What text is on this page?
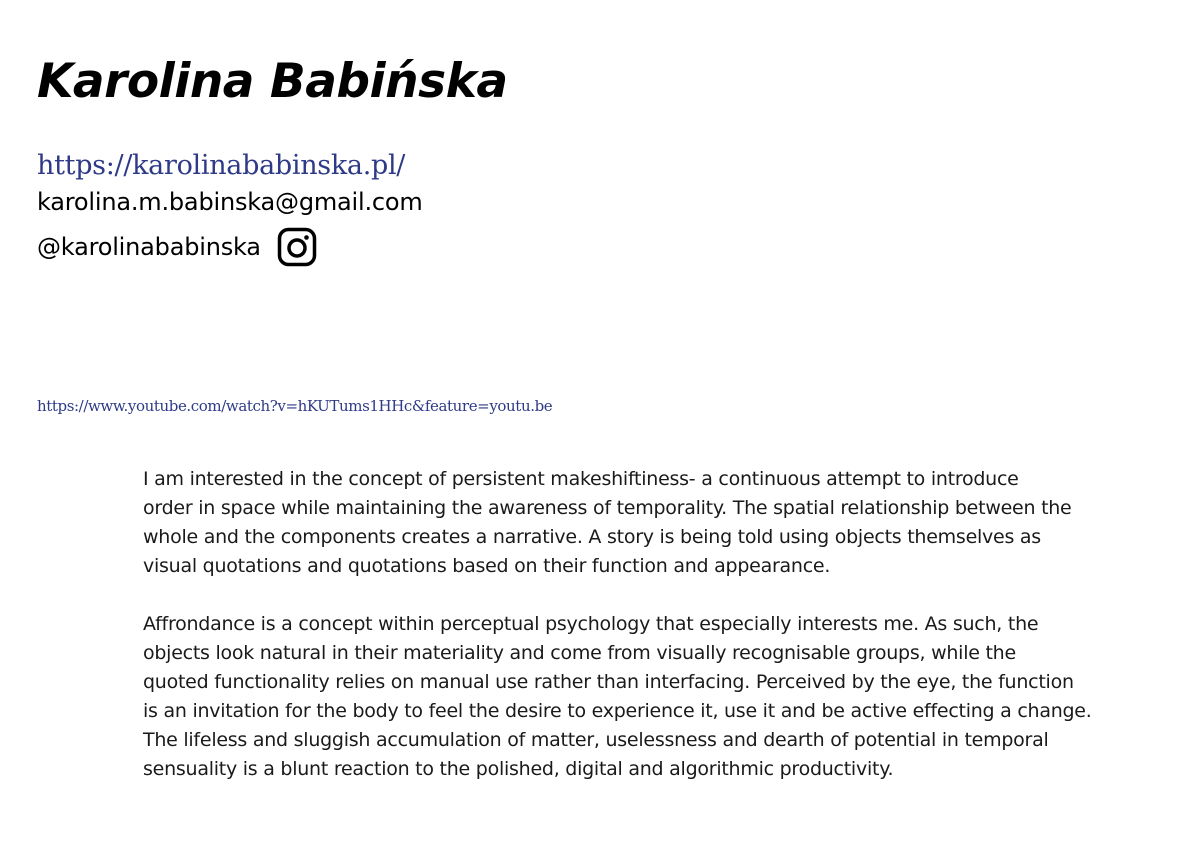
Karolina Babińska
https://karolinababinska.pl/
karolina.m.babinska@gmail.com
@karolinababinska
https://www.youtube.com/watch?v=hKUTums1HHc&feature=youtu.be

I am interested in the concept of persistent makeshiftiness- a continuous attempt to introduce
order in space while maintaining the awareness of temporality. The spatial relationship between the
whole and the components creates a narrative. A story is being told using objects themselves as
visual quotations and quotations based on their function and appearance.

Affrondance is a concept within perceptual psychology that especially interests me. As such, the
objects look natural in their materiality and come from visually recognisable groups, while the
quoted functionality relies on manual use rather than interfacing. Perceived by the eye, the function
is an invitation for the body to feel the desire to experience it, use it and be active effecting a change.
The lifeless and sluggish accumulation of matter, uselessness and dearth of potential in temporal
sensuality is a blunt reaction to the polished, digital and algorithmic productivity.
